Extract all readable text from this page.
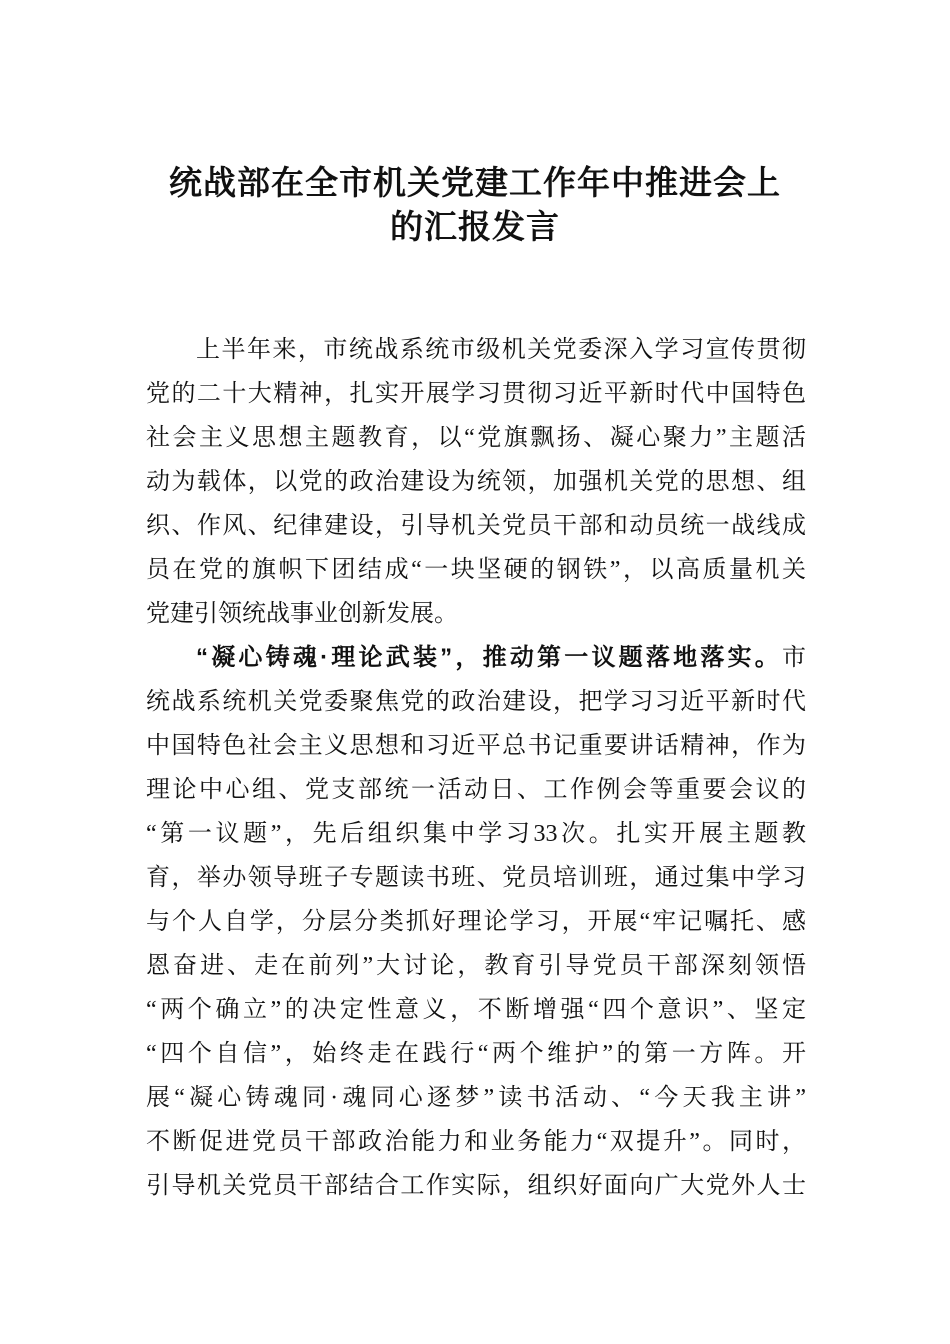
统战部在全市机关党建工作年中推进会上
的汇报发言
上半年来，市统战系统市级机关党委深入学习宣传贯彻
党的二十大精神，扎实开展学习贯彻习近平新时代中国特色
社会主义思想主题教育，以“党旗飘扬、凝心聚力”主题活
动为载体，以党的政治建设为统领，加强机关党的思想、组
织、作风、纪律建设，引导机关党员干部和动员统一战线成
员在党的旗帜下团结成“一块坚硬的钢铁”，以高质量机关
党建引领统战事业创新发展。
“凝心铸魂·理论武装”，推动第一议题落地落实。市
统战系统机关党委聚焦党的政治建设，把学习习近平新时代
中国特色社会主义思想和习近平总书记重要讲话精神，作为
理论中心组、党支部统一活动日、工作例会等重要会议的
“第一议题”，先后组织集中学习33次。扎实开展主题教
育，举办领导班子专题读书班、党员培训班，通过集中学习
与个人自学，分层分类抓好理论学习，开展“牢记嘱托、感
恩奋进、走在前列”大讨论，教育引导党员干部深刻领悟
“两个确立”的决定性意义，不断增强“四个意识”、坚定
“四个自信”，始终走在践行“两个维护”的第一方阵。开
展“凝心铸魂同·魂同心逐梦”读书活动、“今天我主讲”
不断促进党员干部政治能力和业务能力“双提升”。同时，
引导机关党员干部结合工作实际，组织好面向广大党外人士
